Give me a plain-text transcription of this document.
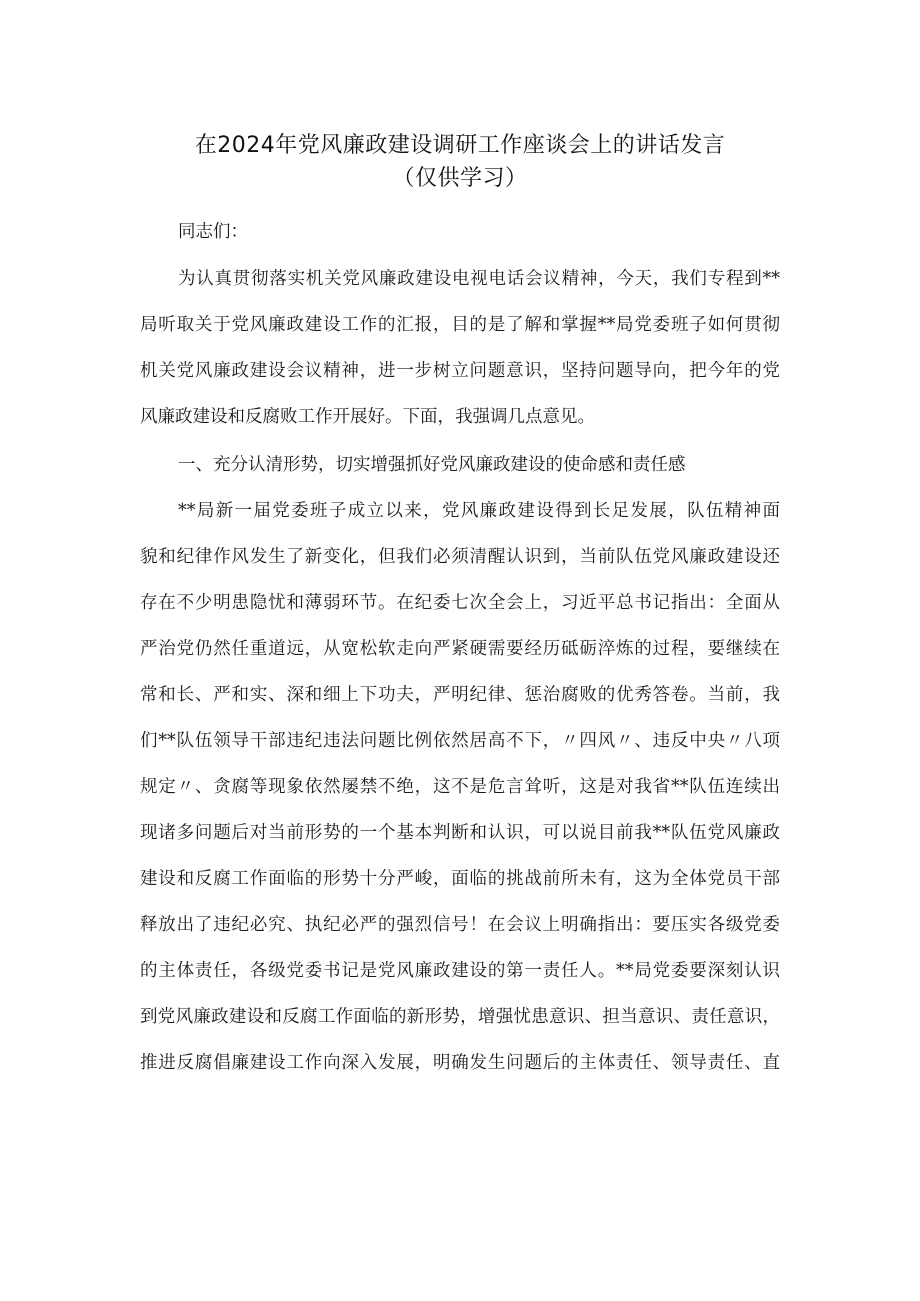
在2024年党风廉政建设调研工作座谈会上的讲话发言
（仅供学习）
同志们：
为认真贯彻落实机关党风廉政建设电视电话会议精神，今天，我们专程到**
局听取关于党风廉政建设工作的汇报，目的是了解和掌握**局党委班子如何贯彻
机关党风廉政建设会议精神，进一步树立问题意识，坚持问题导向，把今年的党
风廉政建设和反腐败工作开展好。下面，我强调几点意见。
一、充分认清形势，切实增强抓好党风廉政建设的使命感和责任感
**局新一届党委班子成立以来，党风廉政建设得到长足发展，队伍精神面
貌和纪律作风发生了新变化，但我们必须清醒认识到，当前队伍党风廉政建设还
存在不少明患隐忧和薄弱环节。在纪委七次全会上，习近平总书记指出：全面从
严治党仍然任重道远，从宽松软走向严紧硬需要经历砥砺淬炼的过程，要继续在
常和长、严和实、深和细上下功夫，严明纪律、惩治腐败的优秀答卷。当前，我
们**队伍领导干部违纪违法问题比例依然居高不下，〃四风〃、违反中央〃八项
规定〃、贪腐等现象依然屡禁不绝，这不是危言耸听，这是对我省**队伍连续出
现诸多问题后对当前形势的一个基本判断和认识，可以说目前我**队伍党风廉政
建设和反腐工作面临的形势十分严峻，面临的挑战前所未有，这为全体党员干部
释放出了违纪必究、执纪必严的强烈信号！在会议上明确指出：要压实各级党委
的主体责任，各级党委书记是党风廉政建设的第一责任人。**局党委要深刻认识
到党风廉政建设和反腐工作面临的新形势，增强忧患意识、担当意识、责任意识，
推进反腐倡廉建设工作向深入发展，明确发生问题后的主体责任、领导责任、直
